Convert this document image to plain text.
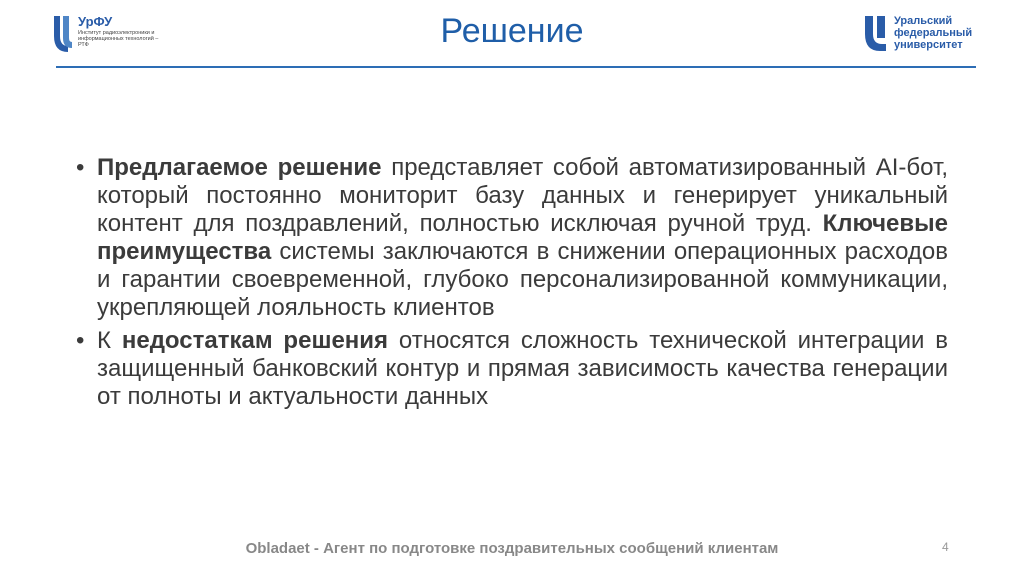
УрФУ
Институт радиоэлектроники и информационных технологий – РТФ	Решение	Уральский
федеральный
университет
• Предлагаемое решение представляет собой автоматизированный AI-бот, который постоянно мониторит базу данных и генерирует уникальный контент для поздравлений, полностью исключая ручной труд. Ключевые преимущества системы заключаются в снижении операционных расходов и гарантии своевременной, глубоко персонализированной коммуникации, укрепляющей лояльность клиентов
• К недостаткам решения относятся сложность технической интеграции в защищенный банковский контур и прямая зависимость качества генерации от полноты и актуальности данных
Obladaet - Агент по подготовке поздравительных сообщений клиентам	4
